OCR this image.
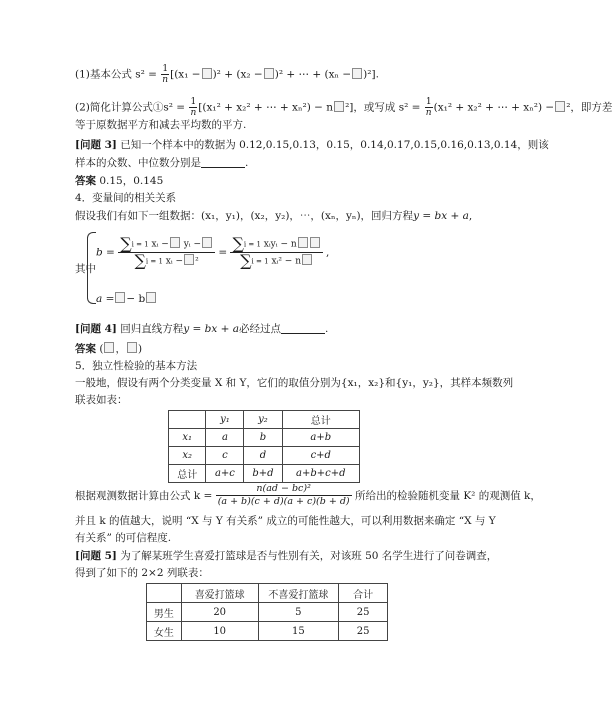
(1)基本公式 $s^2 = \frac{1}{n} [(x_1 - )^2 + (x_2 - )^2$ + ⋯ + (xₙ − )²].
(2)简化计算公式①s² = $\frac{1}{n} [(x_1^2 + x_2^2$ + ⋯ + xₙ²) − n ²]，或写成 $s^2 = \frac{1}{n} (x_1^2 + x_2^2$ + ⋯ + xₙ²) − ²，即方差
等于原数据平方和减去平均数的平方.
[问题 3] 已知一个样本中的数据为 0.12,0.15,0.13，0.15，0.14,0.17,0.15,0.16,0.13,0.14，则该
样本的众数、中位数分别是	.
答案 0.15，0.145
4．变量间的相关关系
假设我们有如下一组数据：(x₁，y₁)，(x₂，y₂)，⋯，(xₙ，yₙ)，回归方程y = bx + a,
其中
$b = \frac{\text{∑i = 1 xᵢ − yᵢ −}}{\text{∑i = 1 xᵢ − ²}} = \frac{\text{∑i = 1 xᵢyᵢ − n}}{\text{∑i = 1 xᵢ² − n}}$ ,
a = − b
[问题 4] 回归直线方程y = bx + a必经过点	.
答案 ( ， )
5．独立性检验的基本方法
一般地，假设有两个分类变量 X 和 Y，它们的取值分别为{x₁，x₂}和{y₁，y₂}，其样本频数列
联表如表：
	y₁	y₂	总计
x₁	a	b	a+b
x₂	c	d	c+d
总计	a+c	b+d	a+b+c+d
根据观测数据计算由公式 $k = \frac{\text{n(ad − bc)²}}{(a + b)(c + d)(a + c)(b + d)}$ 所给出的检验随机变量 K² 的观测值 k，
并且 k 的值越大，说明 “X 与 Y 有关系” 成立的可能性越大，可以利用数据来确定 “X 与 Y
有关系” 的可信程度.
[问题 5] 为了解某班学生喜爱打篮球是否与性别有关，对该班 50 名学生进行了问卷调查，
得到了如下的 2×2 列联表：
	喜爱打篮球	不喜爱打篮球	合计
男生	20	5	25
女生	10	15	25
